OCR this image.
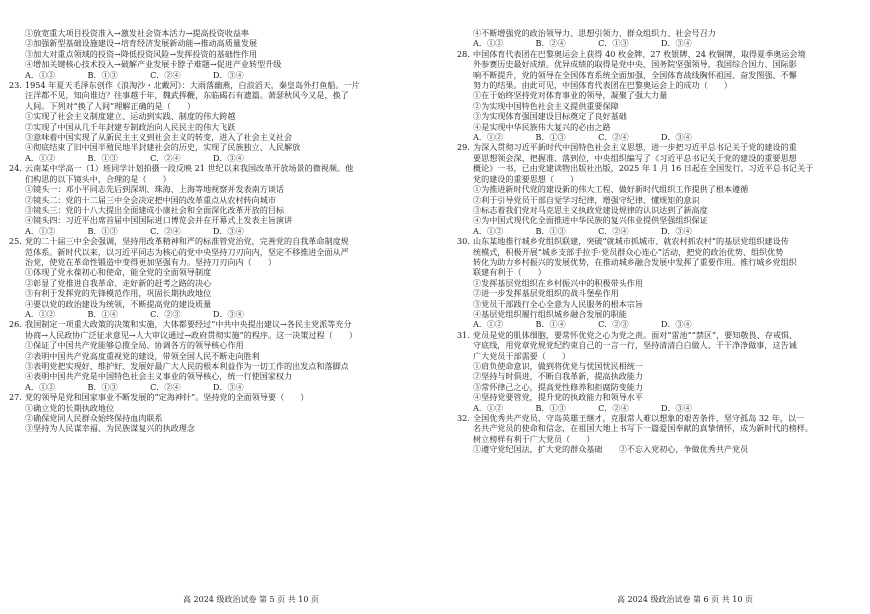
①放宽重大项目投资准入→激发社会资本活力→提高投资收益率
②加强新型基础设施建设→培育经济发展新动能→推动高质量发展
③加大对重点领域的投资→降低投资风险→发挥投资的基础性作用
④增加关键核心技术投入→破解产业发展卡脖子难题→促进产业转型升级
A．①②　　　　B．①③　　　　C．②④　　　　D．③④
23. 1954 年夏天毛泽东创作《浪淘沙・北戴河》：大雨落幽燕，白浪滔天，秦皇岛外打鱼船。一片
汪洋都不见，知向谁边？往事越千年，魏武挥鞭，东临碣石有遗篇。萧瑟秋风今又是，换了
人间。下列对“换了人间”理解正确的是（　　）
①实现了社会主义制度建立、运动到实践、制度的伟大跨越
②实现了中国从几千年封建专制政治向人民民主的伟大飞跃
③意味着中国实现了从新民主主义到社会主义的转变，进入了社会主义社会
④彻底结束了旧中国半殖民地半封建社会的历史，实现了民族独立、人民解放
A．①②　　　　B．①③　　　　C．②④　　　　D．③④
24. 云南某中学高一（1）班同学计划拍摄一段反映 21 世纪以来我国改革开放场景的微视频。他
们构思的以下镜头中，合理的是（　　）
①镜头一：邓小平同志先后到深圳、珠海、上海等地视察并发表南方谈话
②镜头二：党的十二届三中全会决定把中国的改革重点从农村转向城市
③镜头三：党的十八大提出全面建成小康社会和全面深化改革开放的目标
④镜头四：习近平出席首届中国国际进口博览会并在开幕式上发表主旨演讲
A．①②　　　　B．①③　　　　C．②④　　　　D．③④
25. 党的二十届三中全会强调，坚持用改革精神和严的标准管党治党，完善党的自我革命制度规
范体系。新时代以来，以习近平同志为核心的党中央坚持刀刃向内，坚定不移推进全面从严
治党，使党在革命性锻造中变得更加坚强有力。坚持刀刃向内（　　）
①体现了党永葆初心和使命，能全党的全面领导制度
②彰显了党推进自我革命、走好新的赶考之路的决心
③有利于发挥党的先锋模范作用，巩固长期执政地位
④要以党的政治建设为统领，不断提高党的建设质量
A．①②　　　　B．①④　　　　C．②③　　　　D．③④
26. 我国制定一项重大政策的决策和实施，大体都要经过“中共中央提出建议→各民主党派等充分
协商→人民政协广泛征求意见→人大审议通过→政府贯彻实施”的程序。这一决策过程（　　）
①保证了中国共产党能够总揽全局、协调各方的领导核心作用
②表明中国共产党高度重视党的建设，带领全国人民不断走向胜利
③表明党把实现好、维护好、发展好最广大人民的根本利益作为一切工作的出发点和落脚点
④表明中国共产党是中国特色社会主义事业的领导核心，统一行使国家权力
A．①②　　　　B．①③　　　　C．②④　　　　D．③④
27. 党的领导是党和国家事业不断发展的“定海神针”。坚持党的全面领导要（　　）
①确立党的长期执政地位
②确保党同人民群众始终保持血肉联系
③坚持为人民谋幸福、为民族谋复兴的执政理念
④不断增强党的政治领导力、思想引领力、群众组织力、社会号召力
A．①②　　　　B．②④　　　　C．①③　　　　D．③④
28. 中国体育代表团在巴黎奥运会上获得 40 枚金牌、27 枚银牌、24 枚铜牌，取得夏季奥运会境
外参赛历史最好成绩。优异成绩的取得是党中央、国务院坚强领导，我国综合国力、国际影
响不断提升，党的领导在全国体育系统全面加强，全国体育战线胸怀祖国、奋发图强、不懈
努力的结果。由此可见，中国体育代表团在巴黎奥运会上的成功（　　）
①在于始终坚持党对体育事业的领导，凝聚了强大力量
②为实现中国特色社会主义提供重要保障
③为实现体育强国建设目标奠定了良好基础
④是实现中华民族伟大复兴的必由之路
A．①②　　　　B．①③　　　　C．②④　　　　D．③④
29. 为深入贯彻习近平新时代中国特色社会主义思想，进一步把习近平总书记关于党的建设的重
要思想领会深、把握准、落到位，中央组织编写了《习近平总书记关于党的建设的重要思想
概论》一书，已由党建读物出版社出版，2025 年 1 月 16 日起在全国发行。习近平总书记关于
党的建设的重要思想（　　）
①为推进新时代党的建设新的伟大工程、做好新时代组织工作提供了根本遵循
②利于引导党员干部自觉学习纪律，增强守纪律、懂规矩的意识
③标志着我们党对马克思主义执政党建设规律的认识达到了新高度
④为中国式现代化全面推进中华民族的复兴伟业提供坚强组织保证
A．①②　　　　B．①③　　　　C．②④　　　　D．③④
30. 山东某地推行城乡党组织联建，突破“就城市抓城市、就农村抓农村”的基层党组织建设传
统模式，积极开展“城乡支部手拉手·党员群众心连心”活动，把党的政治优势、组织优势
转化为助力乡村振兴的发展优势，在推动城乡融合发展中发挥了重要作用。推行城乡党组织
联建有利于（　　）
①发挥基层党组织在乡村振兴中的积极带头作用
②进一步发挥基层党组织的战斗堡垒作用
③党员干部践行全心全意为人民服务的根本宗旨
④基层党组织履行组织城乡融合发展的职能
A．①②　　　　B．①④　　　　C．②③　　　　D．③④
31. 党员是党的肌体细胞，要常怀优党之心为党之责。面对“雷池”“禁区”，要知敬畏、存戒惧、
守底线，用党章党规党纪约束自己的一言一行，坚持清清白白做人、干干净净做事，这告诫
广大党员干部需要（　　）
①肩负使命意识，做到将优党与忧国忧民相统一
②坚持与时俱进，不断自我革新，提高执政能力
③常怀律己之心，提高党性修养和拒腐防变能力
④坚持党要管党，提升党的执政能力和领导水平
A．①②　　　　B．①③　　　　C．②④　　　　D．③④
32. 全国优秀共产党员、守岛英雄王继才，克服常人难以想象的艰苦条件，坚守孤岛 32 年，以一
名共产党员的使命和信念，在祖国大地上书写下一篇爱国奉献的真挚情怀，成为新时代的榜样。
树立榜样有利于广大党员（　　）
①遵守党纪国法，扩大党的群众基础　　②不忘入党初心，争做优秀共产党员
高 2024 级政治试卷 第 5 页 共 10 页	高 2024 级政治试卷 第 6 页 共 10 页
